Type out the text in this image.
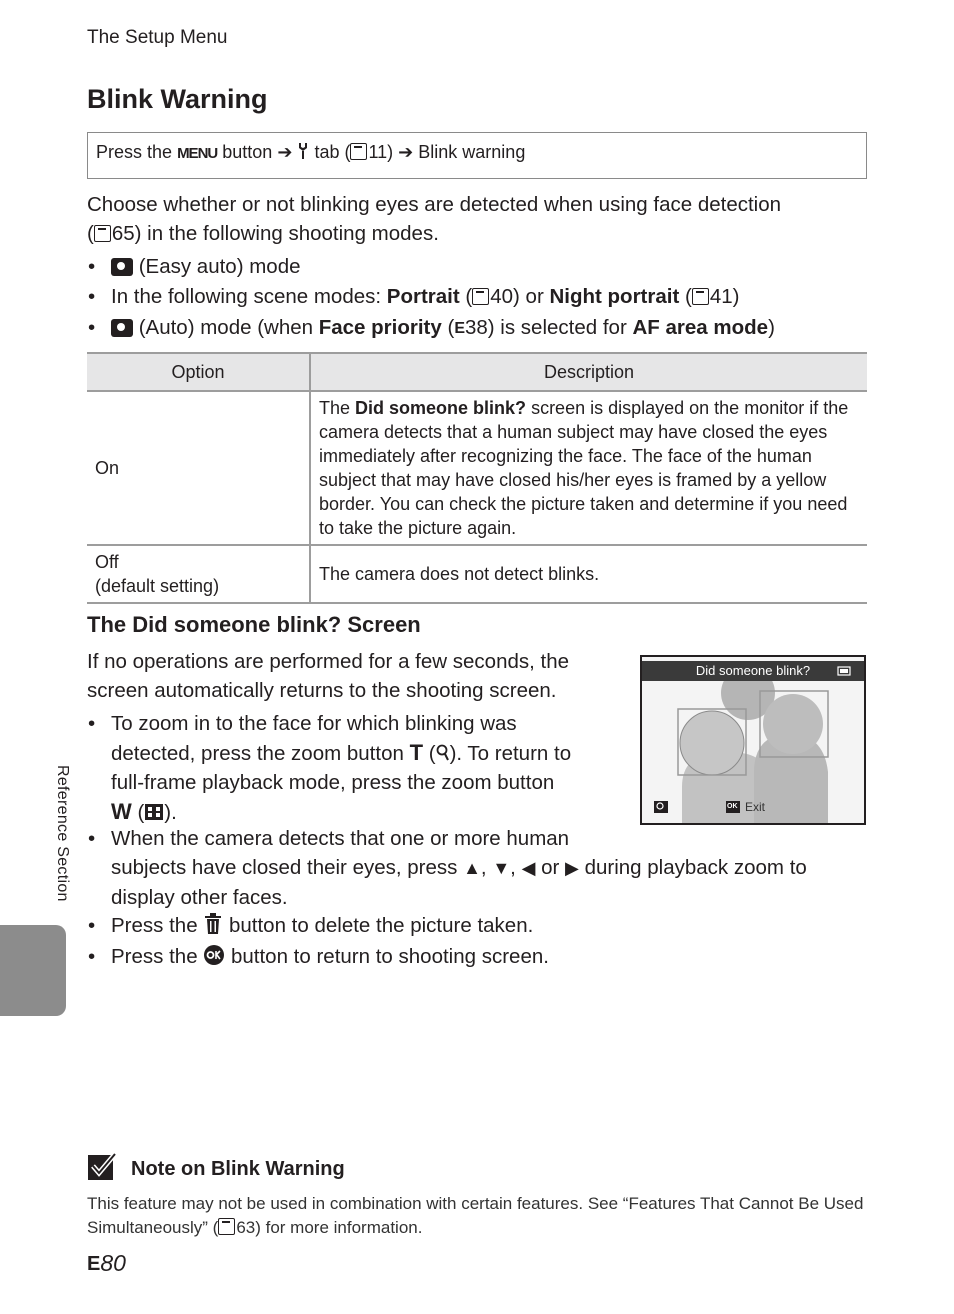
The Setup Menu
Blink Warning
Press the MENU button ➔ tab ( 11) ➔ Blink warning
Choose whether or not blinking eyes are detected when using face detection
( 65) in the following shooting modes.
• (Easy auto) mode
• In the following scene modes: Portrait ( 40) or Night portrait ( 41)
• (Auto) mode (when Face priority (E38) is selected for AF area mode)
Option	Description
On	The Did someone blink? screen is displayed on the monitor if the camera detects that a human subject may have closed the eyes immediately after recognizing the face. The face of the human subject that may have closed his/her eyes is framed by a yellow border. You can check the picture taken and determine if you need to take the picture again.

Off
(default setting)	The camera does not detect blinks.
The Did someone blink? Screen
If no operations are performed for a few seconds, the
screen automatically returns to the shooting screen.
• To zoom in to the face for which blinking was
detected, press the zoom button T ( ). To return to
full-frame playback mode, press the zoom button
W ( ).
Did someone blink?
OK Exit
• When the camera detects that one or more human
subjects have closed their eyes, press ▲, ▼, ◀ or ▶ during playback zoom to
display other faces.
• Press the  button to delete the picture taken.
• Press the  button to return to shooting screen.
Reference Section
Note on Blink Warning
This feature may not be used in combination with certain features. See “Features That Cannot Be Used
Simultaneously” ( 63) for more information.
E80
